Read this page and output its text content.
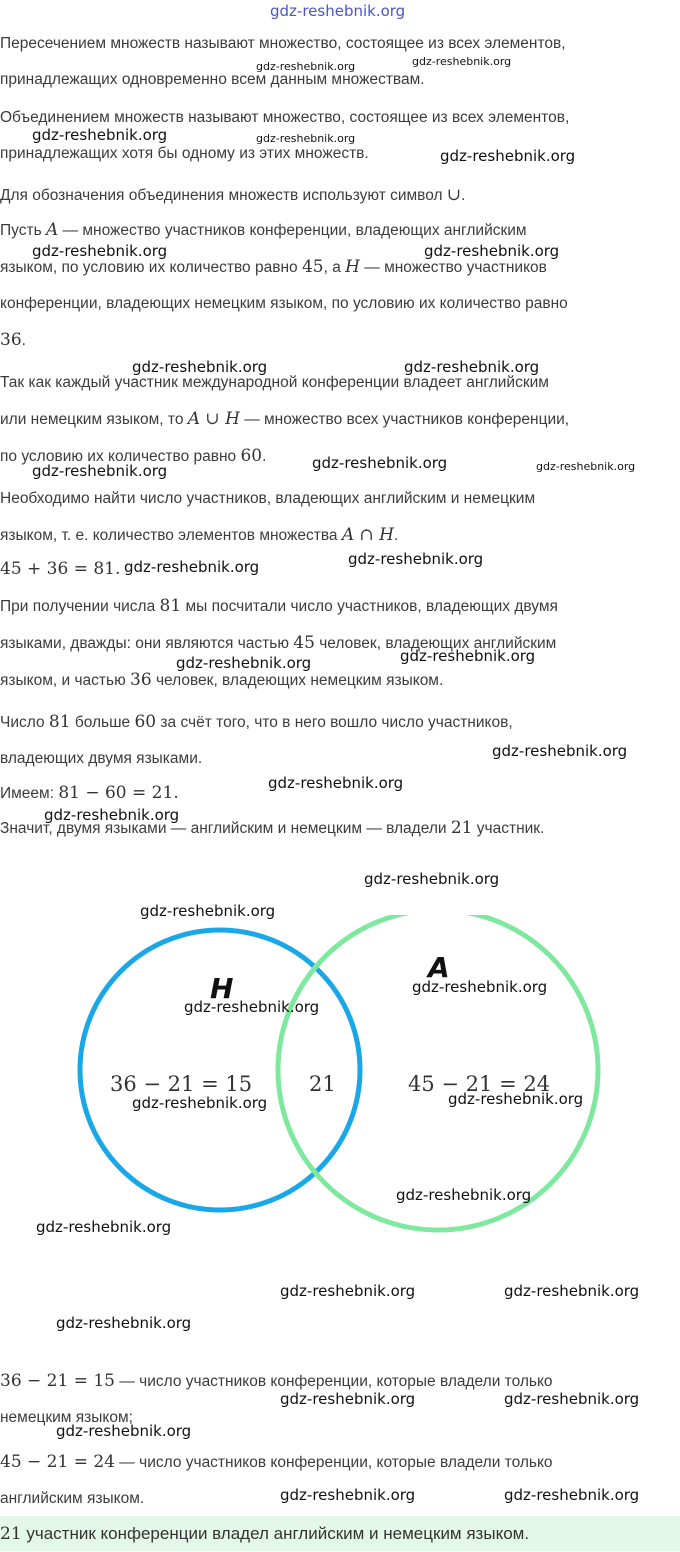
gdz-reshebnik.org
Пересечением множеств называют множество, состоящее из всех элементов,
принадлежащих одновременно всем данным множествам.
Объединением множеств называют множество, состоящее из всех элементов,
принадлежащих хотя бы одному из этих множеств.
Для обозначения объединения множеств используют символ ∪.
Пусть A — множество участников конференции, владеющих английским
языком, по условию их количество равно 45, а H — множество участников
конференции, владеющих немецким языком, по условию их количество равно
36.
Так как каждый участник международной конференции владеет английским
или немецким языком, то A ∪ H — множество всех участников конференции,
по условию их количество равно 60.
Необходимо найти число участников, владеющих английским и немецким
языком, т. е. количество элементов множества A ∩ H.
45 + 36 = 81.
При получении числа 81 мы посчитали число участников, владеющих двумя
языками, дважды: они являются частью 45 человек, владеющих английским
языком, и частью 36 человек, владеющих немецким языком.
Число 81 больше 60 за счёт того, что в него вошло число участников,
владеющих двумя языками.
Имеем: 81 − 60 = 21.
Значит, двумя языками — английским и немецким — владели 21 участник.
H
A
36 − 21 = 15	21	45 − 21 = 24
36 − 21 = 15 — число участников конференции, которые владели только
немецким языком;
45 − 21 = 24 — число участников конференции, которые владели только
английским языком.
21 участник конференции владел английским и немецким языком.
gdz-reshebnik.org	gdz-reshebnik.org
gdz-reshebnik.org	gdz-reshebnik.org
gdz-reshebnik.org
gdz-reshebnik.org	gdz-reshebnik.org
gdz-reshebnik.org	gdz-reshebnik.org
gdz-reshebnik.org	gdz-reshebnik.org	gdz-reshebnik.org
gdz-reshebnik.org	gdz-reshebnik.org
gdz-reshebnik.org	gdz-reshebnik.org
gdz-reshebnik.org
gdz-reshebnik.org
gdz-reshebnik.org
gdz-reshebnik.org
gdz-reshebnik.org
gdz-reshebnik.org
gdz-reshebnik.org
gdz-reshebnik.org	gdz-reshebnik.org
gdz-reshebnik.org
gdz-reshebnik.org
gdz-reshebnik.org	gdz-reshebnik.org
gdz-reshebnik.org
gdz-reshebnik.org	gdz-reshebnik.org
gdz-reshebnik.org
gdz-reshebnik.org	gdz-reshebnik.org
